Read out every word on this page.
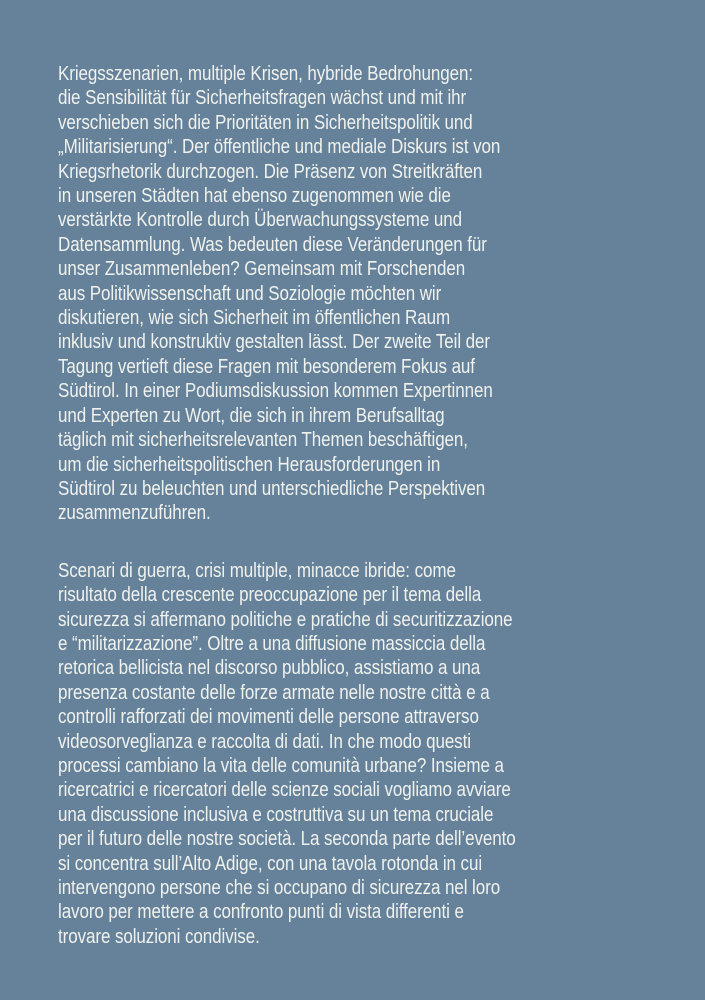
Kriegsszenarien, multiple Krisen, hybride Bedrohungen:
die Sensibilität für Sicherheitsfragen wächst und mit ihr
verschieben sich die Prioritäten in Sicherheitspolitik und
„Militarisierung“. Der öffentliche und mediale Diskurs ist von
Kriegsrhetorik durchzogen. Die Präsenz von Streitkräften
in unseren Städten hat ebenso zugenommen wie die
verstärkte Kontrolle durch Überwachungssysteme und
Datensammlung. Was bedeuten diese Veränderungen für
unser Zusammenleben? Gemeinsam mit Forschenden
aus Politikwissenschaft und Soziologie möchten wir
diskutieren, wie sich Sicherheit im öffentlichen Raum
inklusiv und konstruktiv gestalten lässt. Der zweite Teil der
Tagung vertieft diese Fragen mit besonderem Fokus auf
Südtirol. In einer Podiumsdiskussion kommen Expertinnen
und Experten zu Wort, die sich in ihrem Berufsalltag
täglich mit sicherheitsrelevanten Themen beschäftigen,
um die sicherheitspolitischen Herausforderungen in
Südtirol zu beleuchten und unterschiedliche Perspektiven
zusammenzuführen.
Scenari di guerra, crisi multiple, minacce ibride: come
risultato della crescente preoccupazione per il tema della
sicurezza si affermano politiche e pratiche di securitizzazione
e “militarizzazione”. Oltre a una diffusione massiccia della
retorica bellicista nel discorso pubblico, assistiamo a una
presenza costante delle forze armate nelle nostre città e a
controlli rafforzati dei movimenti delle persone attraverso
videosorveglianza e raccolta di dati. In che modo questi
processi cambiano la vita delle comunità urbane? Insieme a
ricercatrici e ricercatori delle scienze sociali vogliamo avviare
una discussione inclusiva e costruttiva su un tema cruciale
per il futuro delle nostre società. La seconda parte dell’evento
si concentra sull’Alto Adige, con una tavola rotonda in cui
intervengono persone che si occupano di sicurezza nel loro
lavoro per mettere a confronto punti di vista differenti e
trovare soluzioni condivise.
